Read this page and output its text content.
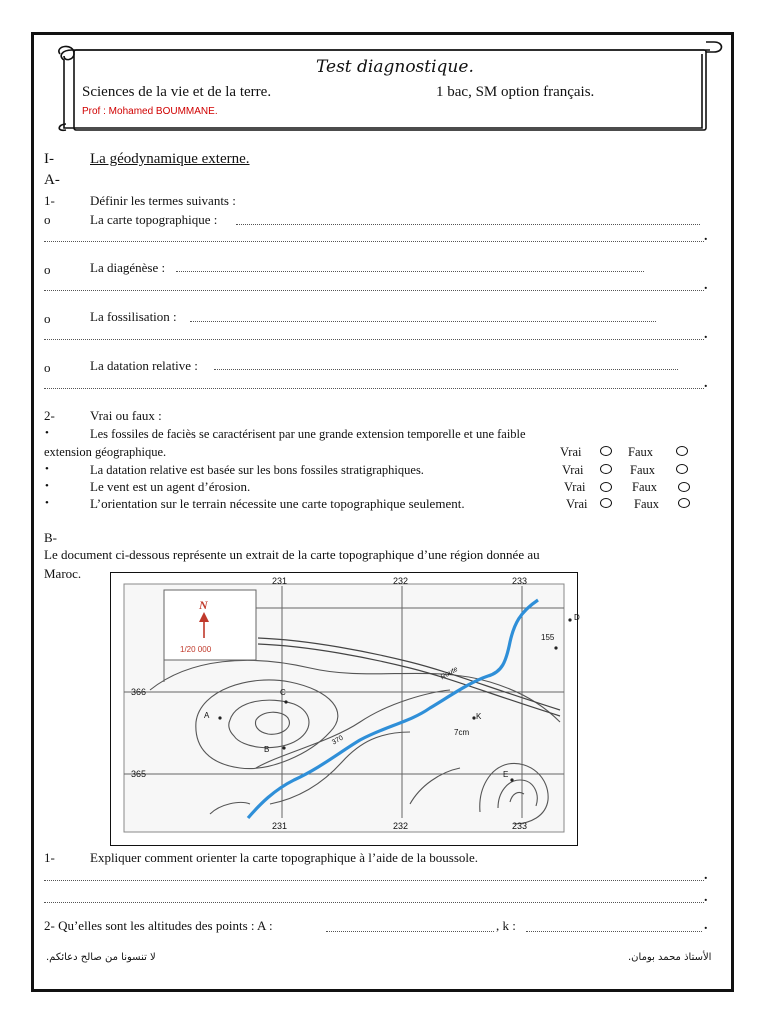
Test diagnostique.
Sciences de la vie et de la terre.	1 bac, SM option français.
Prof : Mohamed BOUMMANE.
I- La géodynamique externe.
A-
1-	Définir les termes suivants :
o	La carte topographique :
.
o	La diagénèse :
.
o	La fossilisation :
.
o	La datation relative :
.
2-	Vrai ou faux :
•	Les fossiles de faciès se caractérisent par une grande extension temporelle et une faible
extension géographique.	Vrai	Faux
•	La datation relative est basée sur les bons fossiles stratigraphiques.	Vrai	Faux
•	Le vent est un agent d’érosion.	Vrai	Faux
•	L’orientation sur le terrain nécessite une carte topographique seulement.	Vrai	Faux
B-
Le document ci-dessous représente un extrait de la carte topographique d’une région donnée au
Maroc.
N
1/20 000
231	232	233
231	232	233
366
365
A
B
C
D
E
K
155
370
7cm
Route
1-	Expliquer comment orienter la carte topographique à l’aide de la boussole.
.
.
2- Qu’elles sont les altitudes des points : A :	, k :	.
لا تنسونا من صالح دعائكم.	الأستاذ محمد بومان.
